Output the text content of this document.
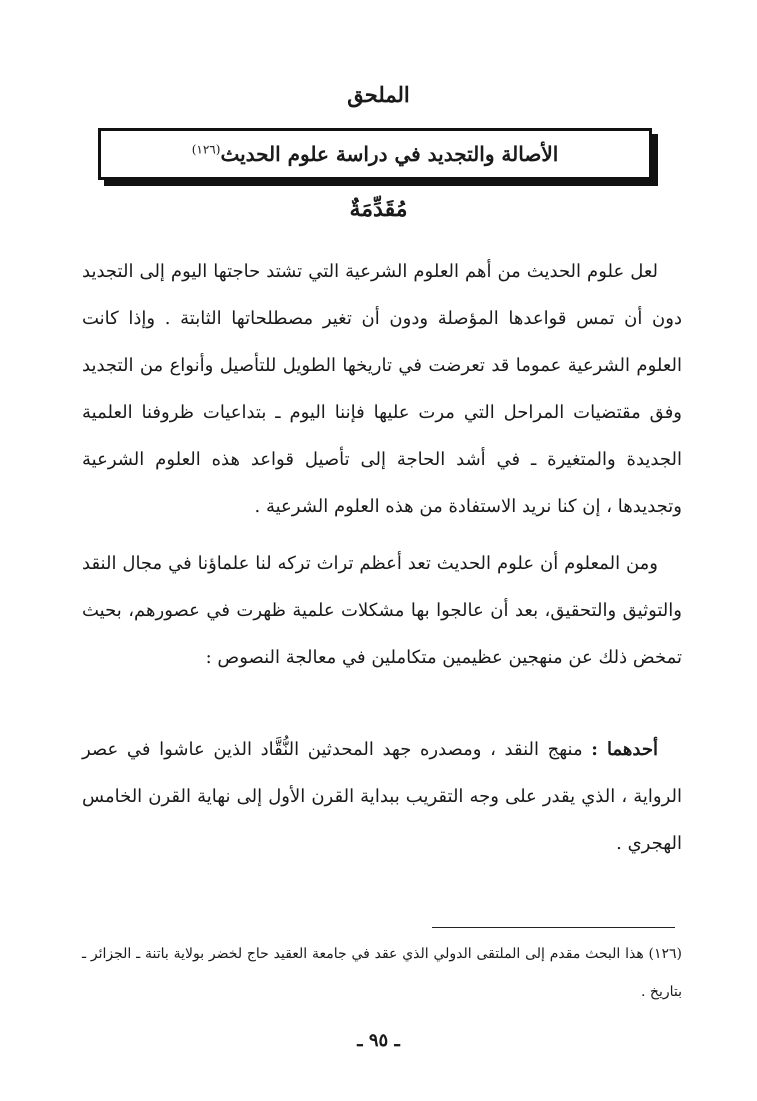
الملحق
الأصالة والتجديد في دراسة علوم الحديث$^{(١٢٦)}$
مُقَدِّمَةٌ

لعل علوم الحديث من أهم العلوم الشرعية التي تشتد حاجتها اليوم إلى التجديد دون أن تمس قواعدها المؤصلة ودون أن تغير مصطلحاتها الثابتة . وإذا كانت العلوم الشرعية عموما قد تعرضت في تاريخها الطويل للتأصيل وأنواع من التجديد وفق مقتضيات المراحل التي مرت عليها فإننا اليوم ـ بتداعيات ظروفنا العلمية الجديدة والمتغيرة ـ في أشد الحاجة إلى تأصيل قواعد هذه العلوم الشرعية وتجديدها ، إن كنا نريد الاستفادة من هذه العلوم الشرعية .

ومن المعلوم أن علوم الحديث تعد أعظم تراث تركه لنا علماؤنا في مجال النقد والتوثيق والتحقيق، بعد أن عالجوا بها مشكلات علمية ظهرت في عصورهم، بحيث تمخض ذلك عن منهجين عظيمين متكاملين في معالجة النصوص :

أحدهما : منهج النقد ، ومصدره جهد المحدثين النُّقَّاد الذين عاشوا في عصر الرواية ، الذي يقدر على وجه التقريب ببداية القرن الأول إلى نهاية القرن الخامس الهجري .

(١٢٦) هذا البحث مقدم إلى الملتقى الدولي الذي عقد في جامعة العقيد حاج لخضر بولاية باتنة ـ الجزائر ـ بتاريخ .

ـ ٩٥ ـ
